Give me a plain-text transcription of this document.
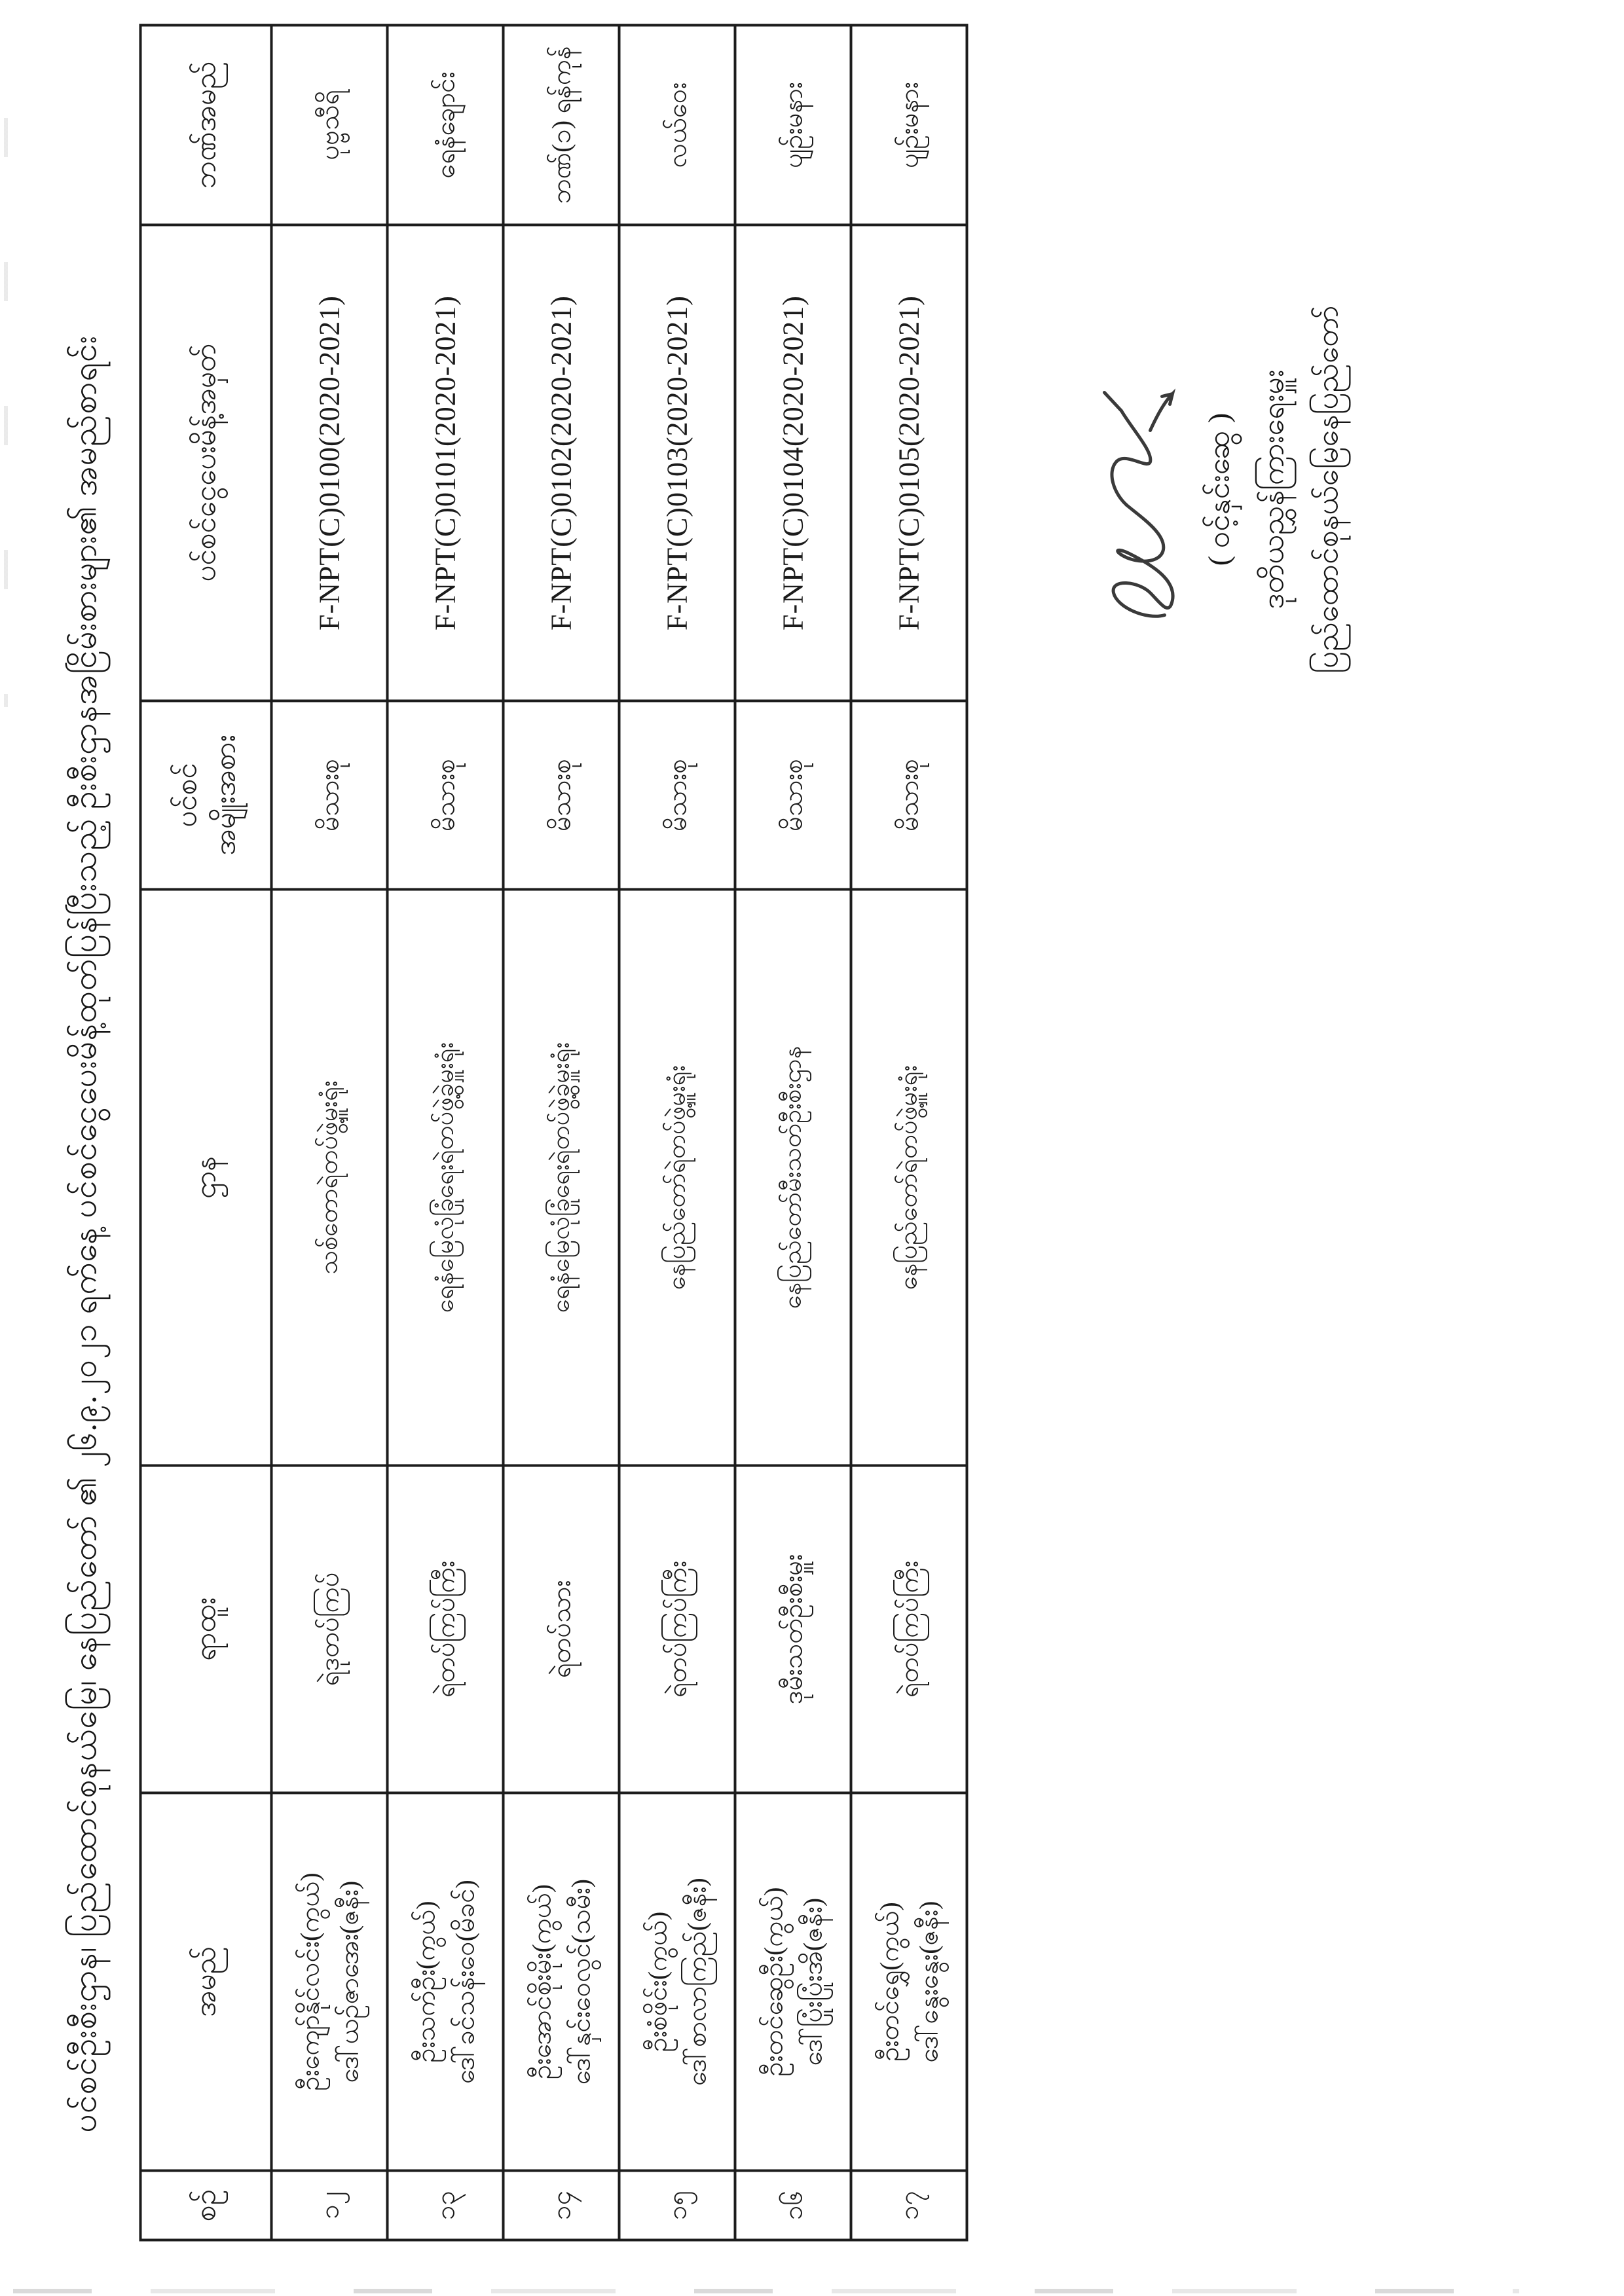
ပင်စင်ဦးစီးဌာန၊ ပြည်ထောင်စုနယ်မြေ၊ နေပြည်တော် ၏ ၂၆.၉.၂၀၂၁ ရက်နေ့ ပင်စင်ငွေပေးမိန့်ထုတ်ပြန်ပြီးသည့် ဦးစီးဌာနအငြိမ်းစားများ၏ အမည်စာရင်း
စဉ်	အမည်	ရာထူး	ဌာန	ပင်စင် အမျိုးအစား	ပင်စင်ငွေပေးမိန့်အမှတ်	ဘဏ်အမည်
၁၂	ဦးကျော်နိုင်လင်း(ကွယ်) ဒေါ်ယဉ်ဇာအေး(ဇနီး)	ရဲဒုတပ်ကြပ်	သစ်တောရဲတပ်ဖွဲ့မှူးရုံး	မိသားစု	F-NPT(C)0100(2020-2021)	ပုဗ္ဗသီရိ
၁၃	ဦးသက်ဦး(ကွယ်) ဒေါ်ခင်သန်းဝေ(မိခင်)	ရဲတပ်ကြပ်ကြီး	ရေနံမြေလုံခြုံရေးရဲတပ်ဖွဲ့ခွဲမှူးရုံး	မိသားစု	F-NPT(C)0101(2020-2021)	ရေနံချောင်း
၁၄	ဦးအောင်စိုးမိုး(ကွယ်) ဒေါ်နှင်းဝေလွင်(သမီး)	ရဲတပ်သား	ရေနံမြေလုံခြုံရေးရဲတပ်ဖွဲ့ခွဲမှူးရုံး	မိသားစု	F-NPT(C)0102(2020-2021)	ဘဏ်(၁) ရန်ကုန်
၁၅	ဦးစံဖိုင်း(ကွယ်) ဒေါ်စာလာကြည်(ဇနီး)	ရဲတပ်ကြပ်ကြီး	နေပြည်တော်ရဲတပ်ဖွဲ့မှူးရုံး	မိသားစု	F-NPT(C)0103(2020-2021)	လယ်ဝေး
၁၆	ဦးတင်ဆွေဦး(ကွယ်) ဒေါ်ပြုံးပြုံးအိ(ဇနီး)	ဒုမီးသတ်ဦးစီးမှူး	နေပြည်တော်မီးသတ်ဦးစီးဌာန	မိသားစု	F-NPT(C)0104(2020-2021)	ပျဉ်းမနား
၁၇	ဦးတင်ရွှေ(ကွယ်) ဒေါ်နွေးနွေး(ဇနီး)	ရဲတပ်ကြပ်ကြီး	နေပြည်တော်ရဲတပ်ဖွဲ့မှူးရုံး	မိသားစု	F-NPT(C)0105(2020-2021)	ပျဉ်းမနား
( ဝင့်နှင်းဆွေ ) ဒုတိယညွှန်ကြားရေးမှူး ပြည်ထောင်စုနယ်မြေနေပြည်တော်
